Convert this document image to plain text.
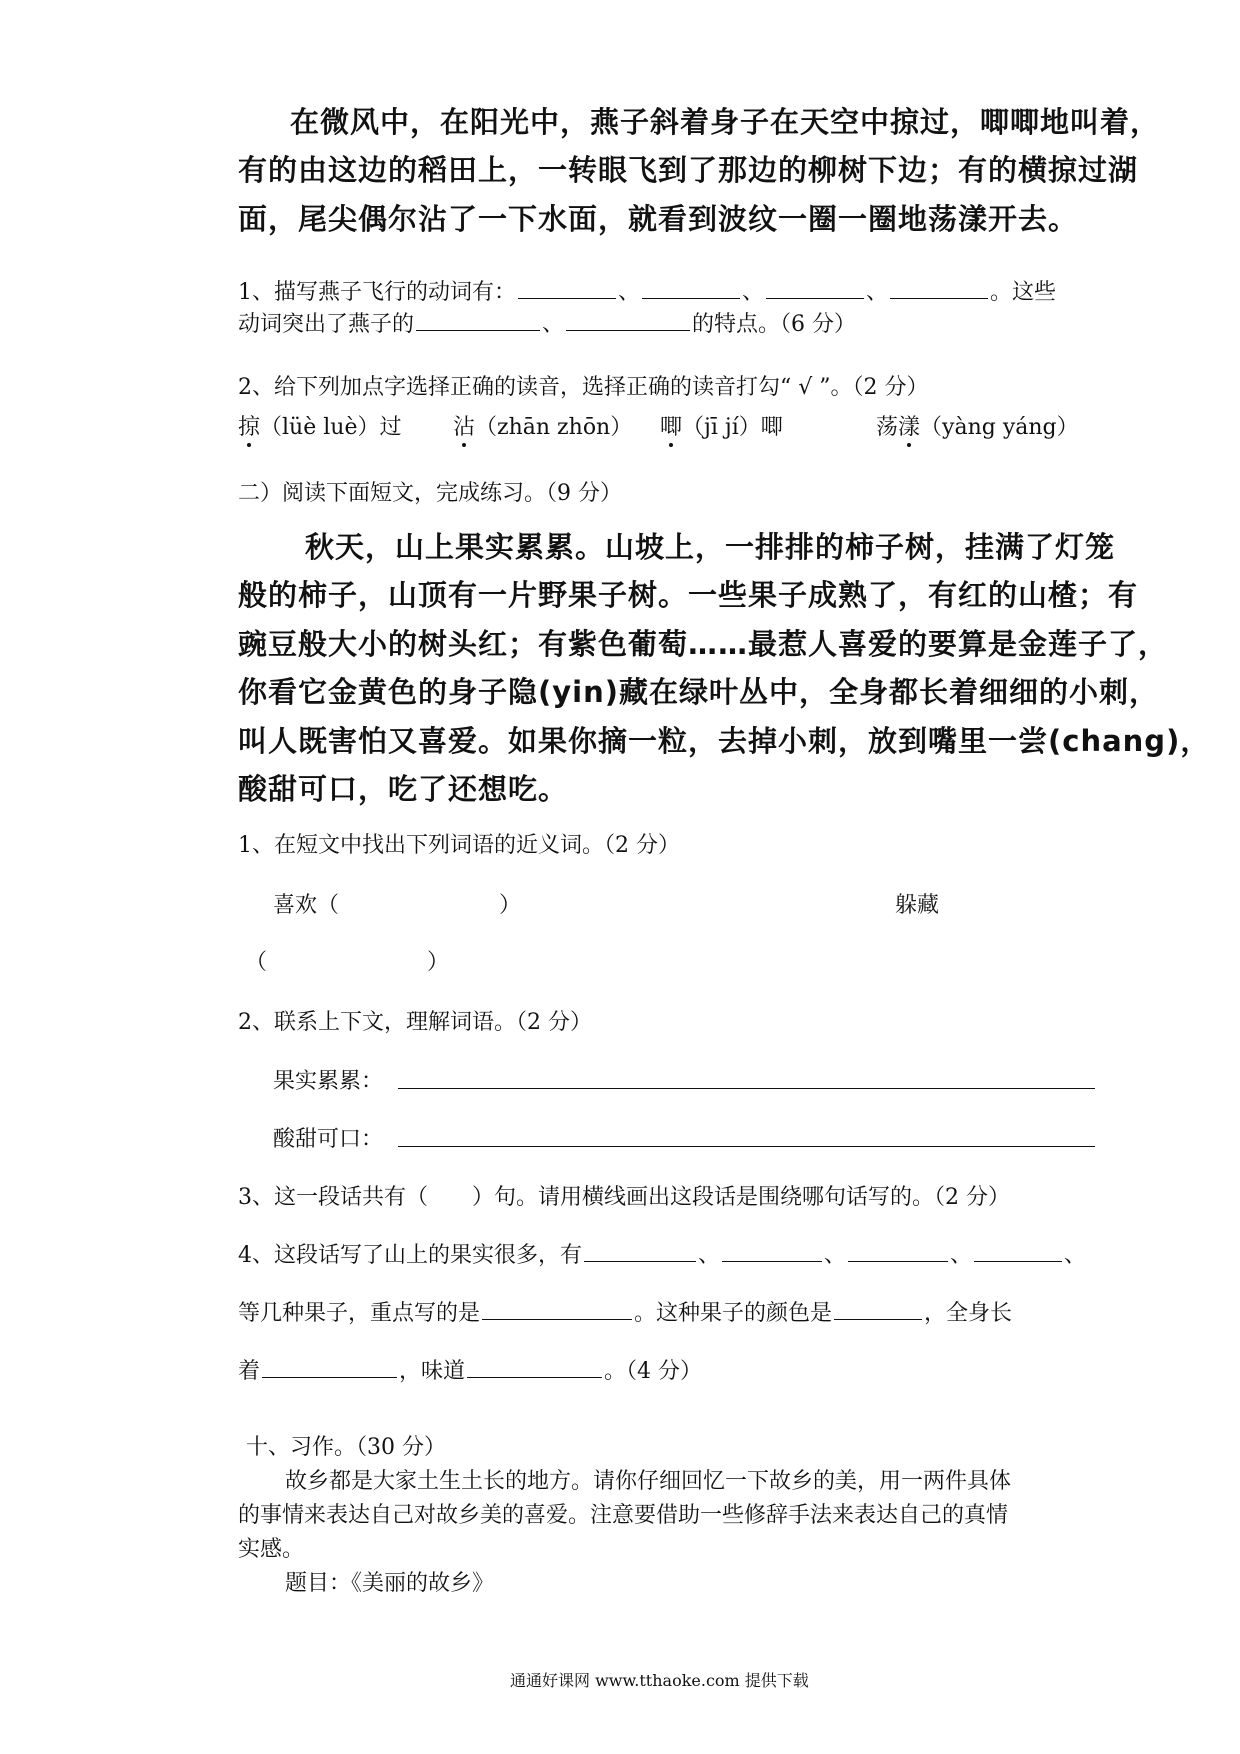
在微风中，在阳光中，燕子斜着身子在天空中掠过，唧唧地叫着，
有的由这边的稻田上，一转眼飞到了那边的柳树下边；有的横掠过湖
面，尾尖偶尔沾了一下水面，就看到波纹一圈一圈地荡漾开去。
1、描写燕子飞行的动词有：	、	、	、	。这些
动词突出了燕子的	、	的特点。（6 分）
2、给下列加点字选择正确的读音，选择正确的读音打勾“ √ ”。（2 分）
掠（lüè luè）过 沾（zhān zhōn） 唧（jī jí）唧	荡漾（yàng yáng）
二）阅读下面短文，完成练习。（9 分）
秋天，山上果实累累。山坡上，一排排的柿子树，挂满了灯笼
般的柿子，山顶有一片野果子树。一些果子成熟了，有红的山楂；有
豌豆般大小的树头红；有紫色葡萄……最惹人喜爱的要算是金莲子了，
你看它金黄色的身子隐(yin)藏在绿叶丛中，全身都长着细细的小刺，
叫人既害怕又喜爱。如果你摘一粒，去掉小刺，放到嘴里一尝(chang)，
酸甜可口，吃了还想吃。
1、在短文中找出下列词语的近义词。（2 分）
喜欢（	）	躲藏
（	）
2、联系上下文，理解词语。（2 分）
果实累累：
酸甜可口：
3、这一段话共有（　　）句。请用横线画出这段话是围绕哪句话写的。（2 分）
4、这段话写了山上的果实很多，有	、	、	、	、
等几种果子，重点写的是	。这种果子的颜色是	，全身长
着	，味道	。（4 分）
十、习作。（30 分）
故乡都是大家土生土长的地方。请你仔细回忆一下故乡的美，用一两件具体
的事情来表达自己对故乡美的喜爱。注意要借助一些修辞手法来表达自己的真情
实感。
题目：《美丽的故乡》
通通好课网 www.tthaoke.com 提供下载
